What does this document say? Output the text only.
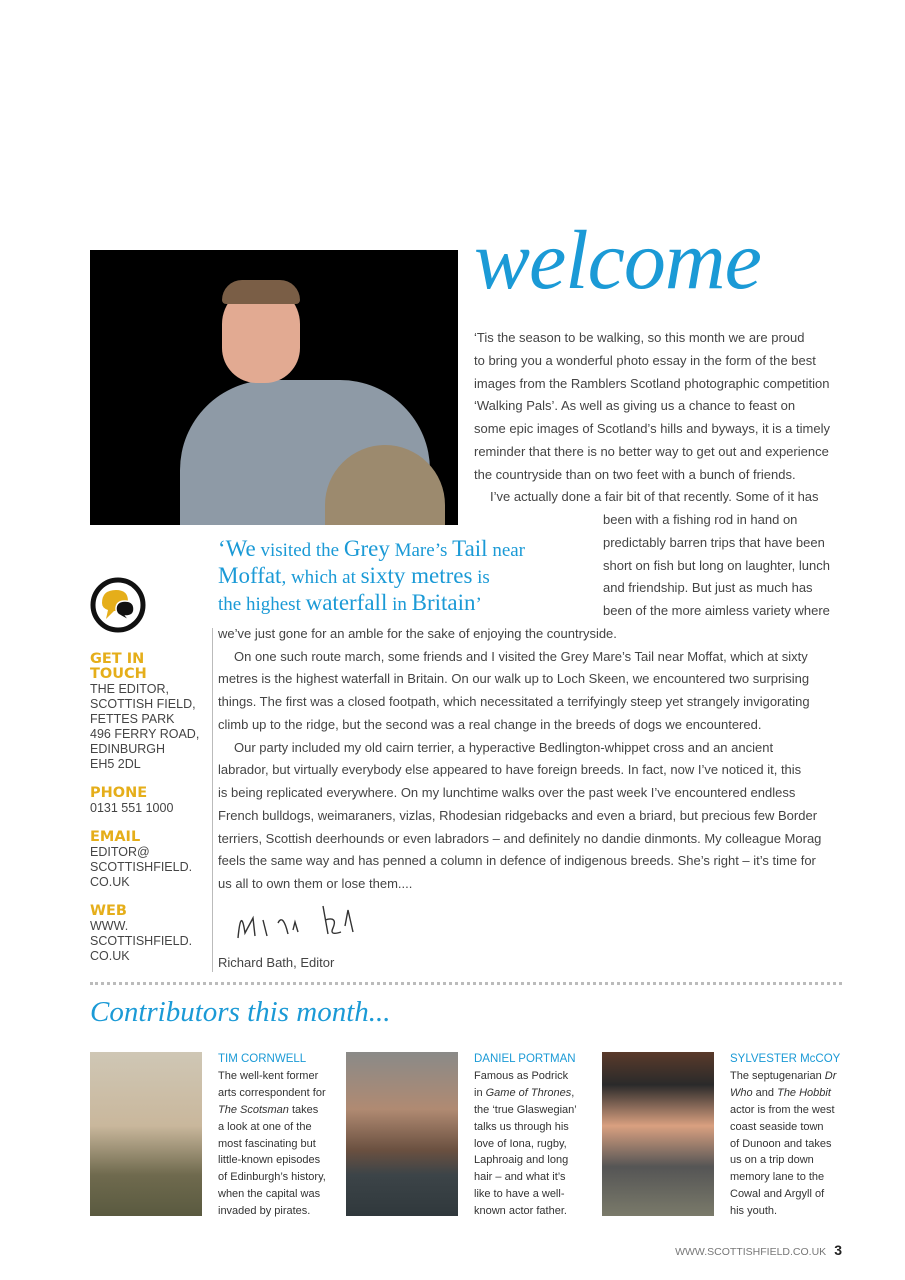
welcome
‘Tis the season to be walking, so this month we are proud
to bring you a wonderful photo essay in the form of the best
images from the Ramblers Scotland photographic competition
‘Walking Pals’. As well as giving us a chance to feast on
some epic images of Scotland’s hills and byways, it is a timely
reminder that there is no better way to get out and experience
the countryside than on two feet with a bunch of friends.
I’ve actually done a fair bit of that recently. Some of it has
been with a fishing rod in hand on
predictably barren trips that have been
short on fish but long on laughter, lunch
and friendship. But just as much has
been of the more aimless variety where
we’ve just gone for an amble for the sake of enjoying the countryside.
On one such route march, some friends and I visited the Grey Mare’s Tail near Moffat, which at sixty
metres is the highest waterfall in Britain. On our walk up to Loch Skeen, we encountered two surprising
things. The first was a closed footpath, which necessitated a terrifyingly steep yet strangely invigorating
climb up to the ridge, but the second was a real change in the breeds of dogs we encountered.
Our party included my old cairn terrier, a hyperactive Bedlington-whippet cross and an ancient
labrador, but virtually everybody else appeared to have foreign breeds. In fact, now I’ve noticed it, this
is being replicated everywhere. On my lunchtime walks over the past week I’ve encountered endless
French bulldogs, weimaraners, vizlas, Rhodesian ridgebacks and even a briard, but precious few Border
terriers, Scottish deerhounds or even labradors – and definitely no dandie dinmonts. My colleague Morag
feels the same way and has penned a column in defence of indigenous breeds. She’s right – it’s time for
us all to own them or lose them....
‘We visited the Grey Mare’s Tail near
Moffat, which at sixty metres is
the highest waterfall in Britain’
Richard Bath, Editor
GET IN TOUCH
THE EDITOR,
SCOTTISH FIELD,
FETTES PARK
496 FERRY ROAD,
EDINBURGH
EH5 2DL
PHONE
0131 551 1000
EMAIL
EDITOR@
SCOTTISHFIELD.
CO.UK
WEB
WWW.
SCOTTISHFIELD.
CO.UK
Contributors this month...
TIM CORNWELL
The well-kent former
arts correspondent for
The Scotsman takes
a look at one of the
most fascinating but
little-known episodes
of Edinburgh’s history,
when the capital was
invaded by pirates.
DANIEL PORTMAN
Famous as Podrick
in Game of Thrones,
the ‘true Glaswegian’
talks us through his
love of Iona, rugby,
Laphroaig and long
hair – and what it’s
like to have a well-
known actor father.
SYLVESTER McCOY
The septugenarian Dr
Who and The Hobbit
actor is from the west
coast seaside town
of Dunoon and takes
us on a trip down
memory lane to the
Cowal and Argyll of
his youth.
WWW.SCOTTISHFIELD.CO.UK 3
